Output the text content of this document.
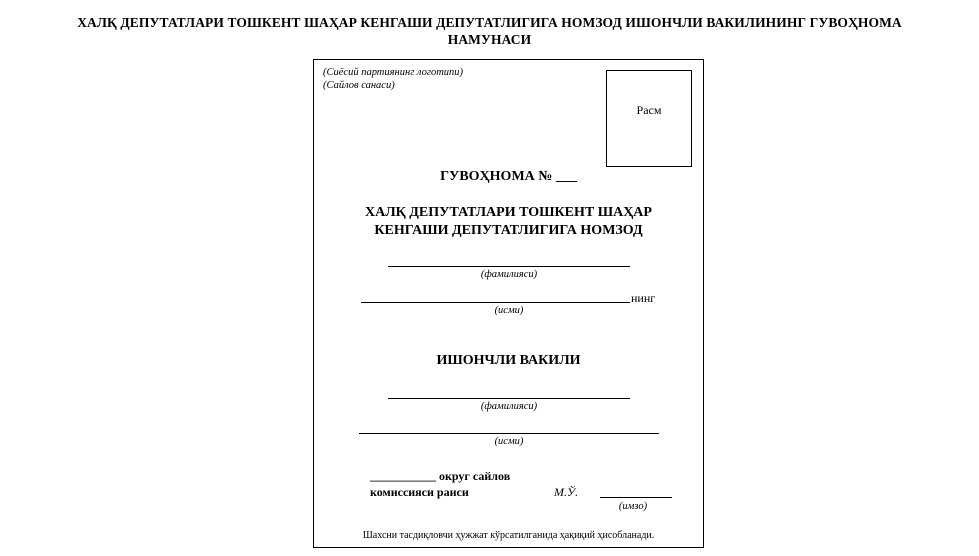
ХАЛҚ ДЕПУТАТЛАРИ ТОШКЕНТ ШАҲАР КЕНГАШИ ДЕПУТАТЛИГИГА НОМЗОД ИШОНЧЛИ ВАКИЛИНИНГ ГУВОҲНОМА
НАМУНАСИ
(Сиёсий партиянинг логотипи)
(Сайлов санаси)
Расм
ГУВОҲНОМА № ___
ХАЛҚ ДЕПУТАТЛАРИ ТОШКЕНТ ШАҲАР
КЕНГАШИ ДЕПУТАТЛИГИГА НОМЗОД
(фамилияси)
нинг
(исми)
ИШОНЧЛИ ВАКИЛИ
(фамилияси)
(исми)
___________ округ сайлов
комиссияси раиси	М.Ў.
(имзо)
Шахсни тасдиқловчи ҳужжат кўрсатилганида ҳақиқий ҳисобланади.
